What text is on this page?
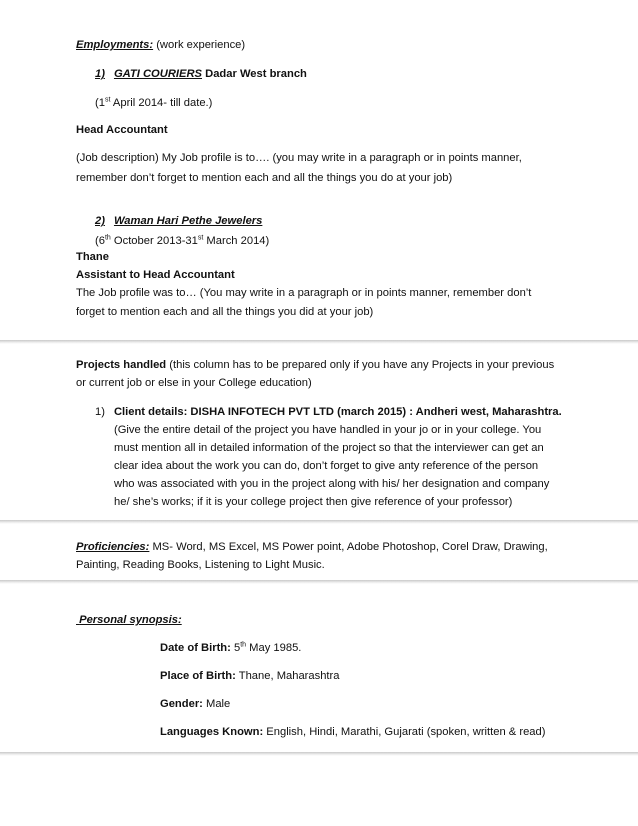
Employments: (work experience)
1) GATI COURIERS Dadar West branch
(1st April 2014- till date.)
Head Accountant
(Job description) My Job profile is to…. (you may write in a paragraph or in points manner,
remember don’t forget to mention each and all the things you do at your job)
2) Waman Hari Pethe Jewelers
(6th October 2013-31st March 2014)
Thane
Assistant to Head Accountant
The Job profile was to… (You may write in a paragraph or in points manner, remember don’t
forget to mention each and all the things you did at your job)
Projects handled (this column has to be prepared only if you have any Projects in your previous
or current job or else in your College education)
1) Client details: DISHA INFOTECH PVT LTD (march 2015) : Andheri west, Maharashtra.
(Give the entire detail of the project you have handled in your jo or in your college. You
must mention all in detailed information of the project so that the interviewer can get an
clear idea about the work you can do, don’t forget to give anty reference of the person
who was associated with you in the project along with his/ her designation and company
he/ she’s works; if it is your college project then give reference of your professor)
Proficiencies: MS- Word, MS Excel, MS Power point, Adobe Photoshop, Corel Draw, Drawing,
Painting, Reading Books, Listening to Light Music.
Personal synopsis:
Date of Birth: 5th May 1985.
Place of Birth: Thane, Maharashtra
Gender: Male
Languages Known: English, Hindi, Marathi, Gujarati (spoken, written & read)
